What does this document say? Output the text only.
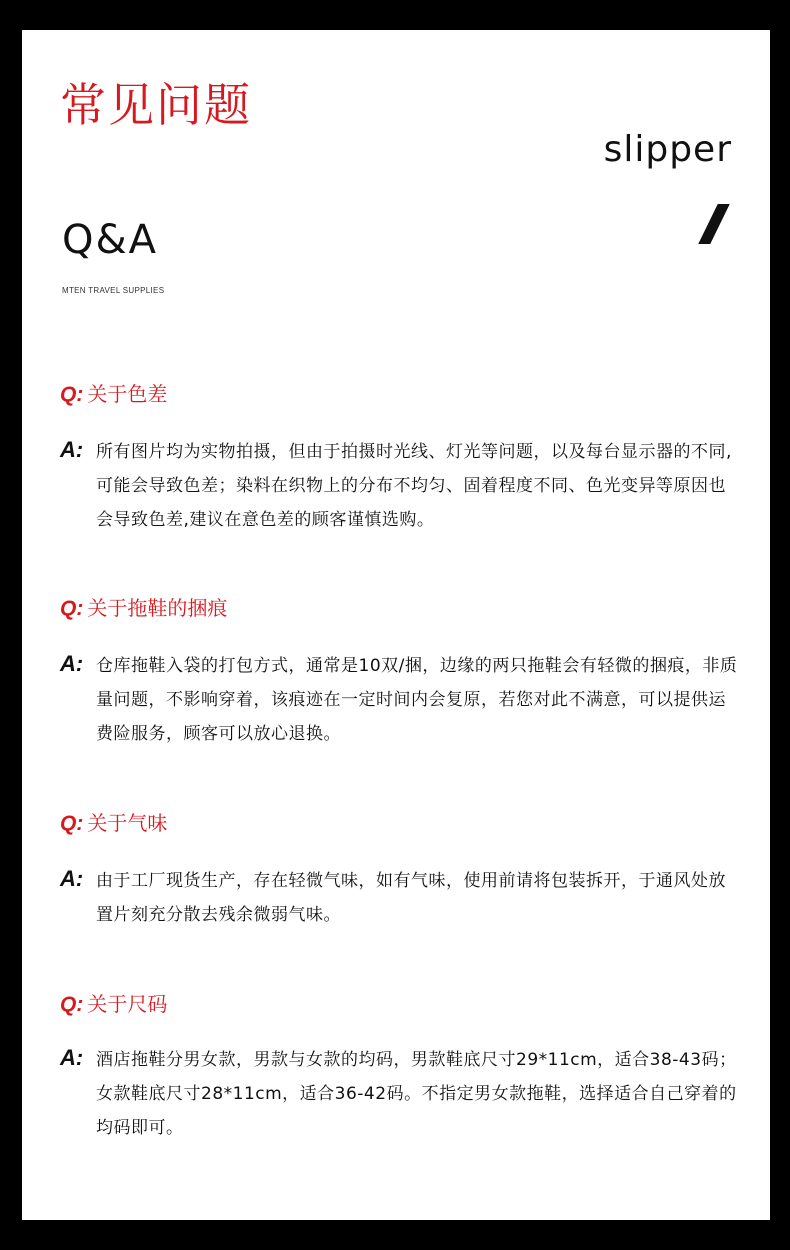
常见问题
slipper
Q&A
MTEN TRAVEL SUPPLIES
Q: 关于色差
A: 所有图片均为实物拍摄，但由于拍摄时光线、灯光等问题，以及每台显示器的不同,可能会导致色差；染料在织物上的分布不均匀、固着程度不同、色光变异等原因也会导致色差,建议在意色差的顾客谨慎选购。
Q: 关于拖鞋的捆痕
A: 仓库拖鞋入袋的打包方式，通常是10双/捆，边缘的两只拖鞋会有轻微的捆痕，非质量问题，不影响穿着，该痕迹在一定时间内会复原，若您对此不满意，可以提供运费险服务，顾客可以放心退换。
Q: 关于气味
A: 由于工厂现货生产，存在轻微气味，如有气味，使用前请将包装拆开，于通风处放置片刻充分散去残余微弱气味。
Q: 关于尺码
A: 酒店拖鞋分男女款，男款与女款的均码，男款鞋底尺寸29*11cm，适合38-43码；女款鞋底尺寸28*11cm，适合36-42码。不指定男女款拖鞋，选择适合自己穿着的均码即可。
